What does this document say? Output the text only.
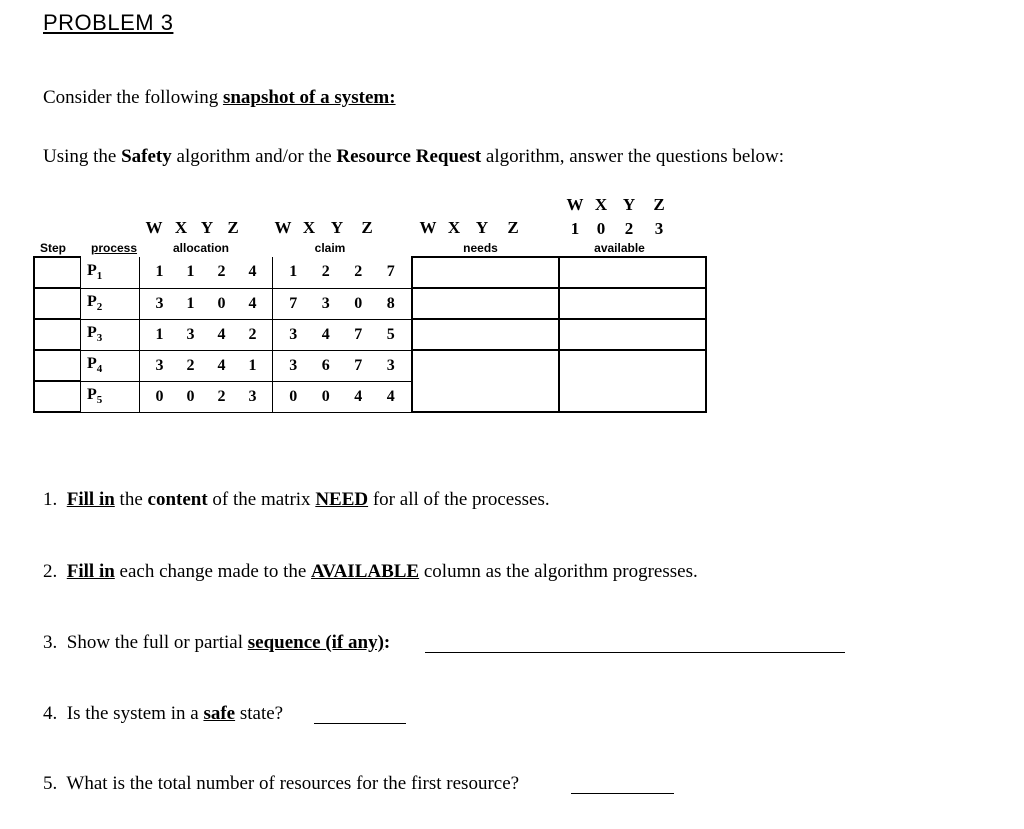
PROBLEM 3
Consider the following snapshot of a system:
Using the Safety algorithm and/or the Resource Request algorithm, answer the questions below:
W X Y Z	W X Y Z	W X Y Z
W X Y Z
1 0 2 3
Step process	allocation	claim	needs	available
	$P_1$	1 1 2 4	1 2 2 7		

	$P_2$	3 1 0 4	7 3 0 8		

	$P_3$	1 3 4 2	3 4 7 5		

	$P_4$	3 2 4 1	3 6 7 3		

	$P_5$	0 0 2 3	0 0 4 4		
1. Fill in the content of the matrix NEED for all of the processes.
2. Fill in each change made to the AVAILABLE column as the algorithm progresses.
3. Show the full or partial sequence (if any):
4. Is the system in a safe state?
5. What is the total number of resources for the first resource?
